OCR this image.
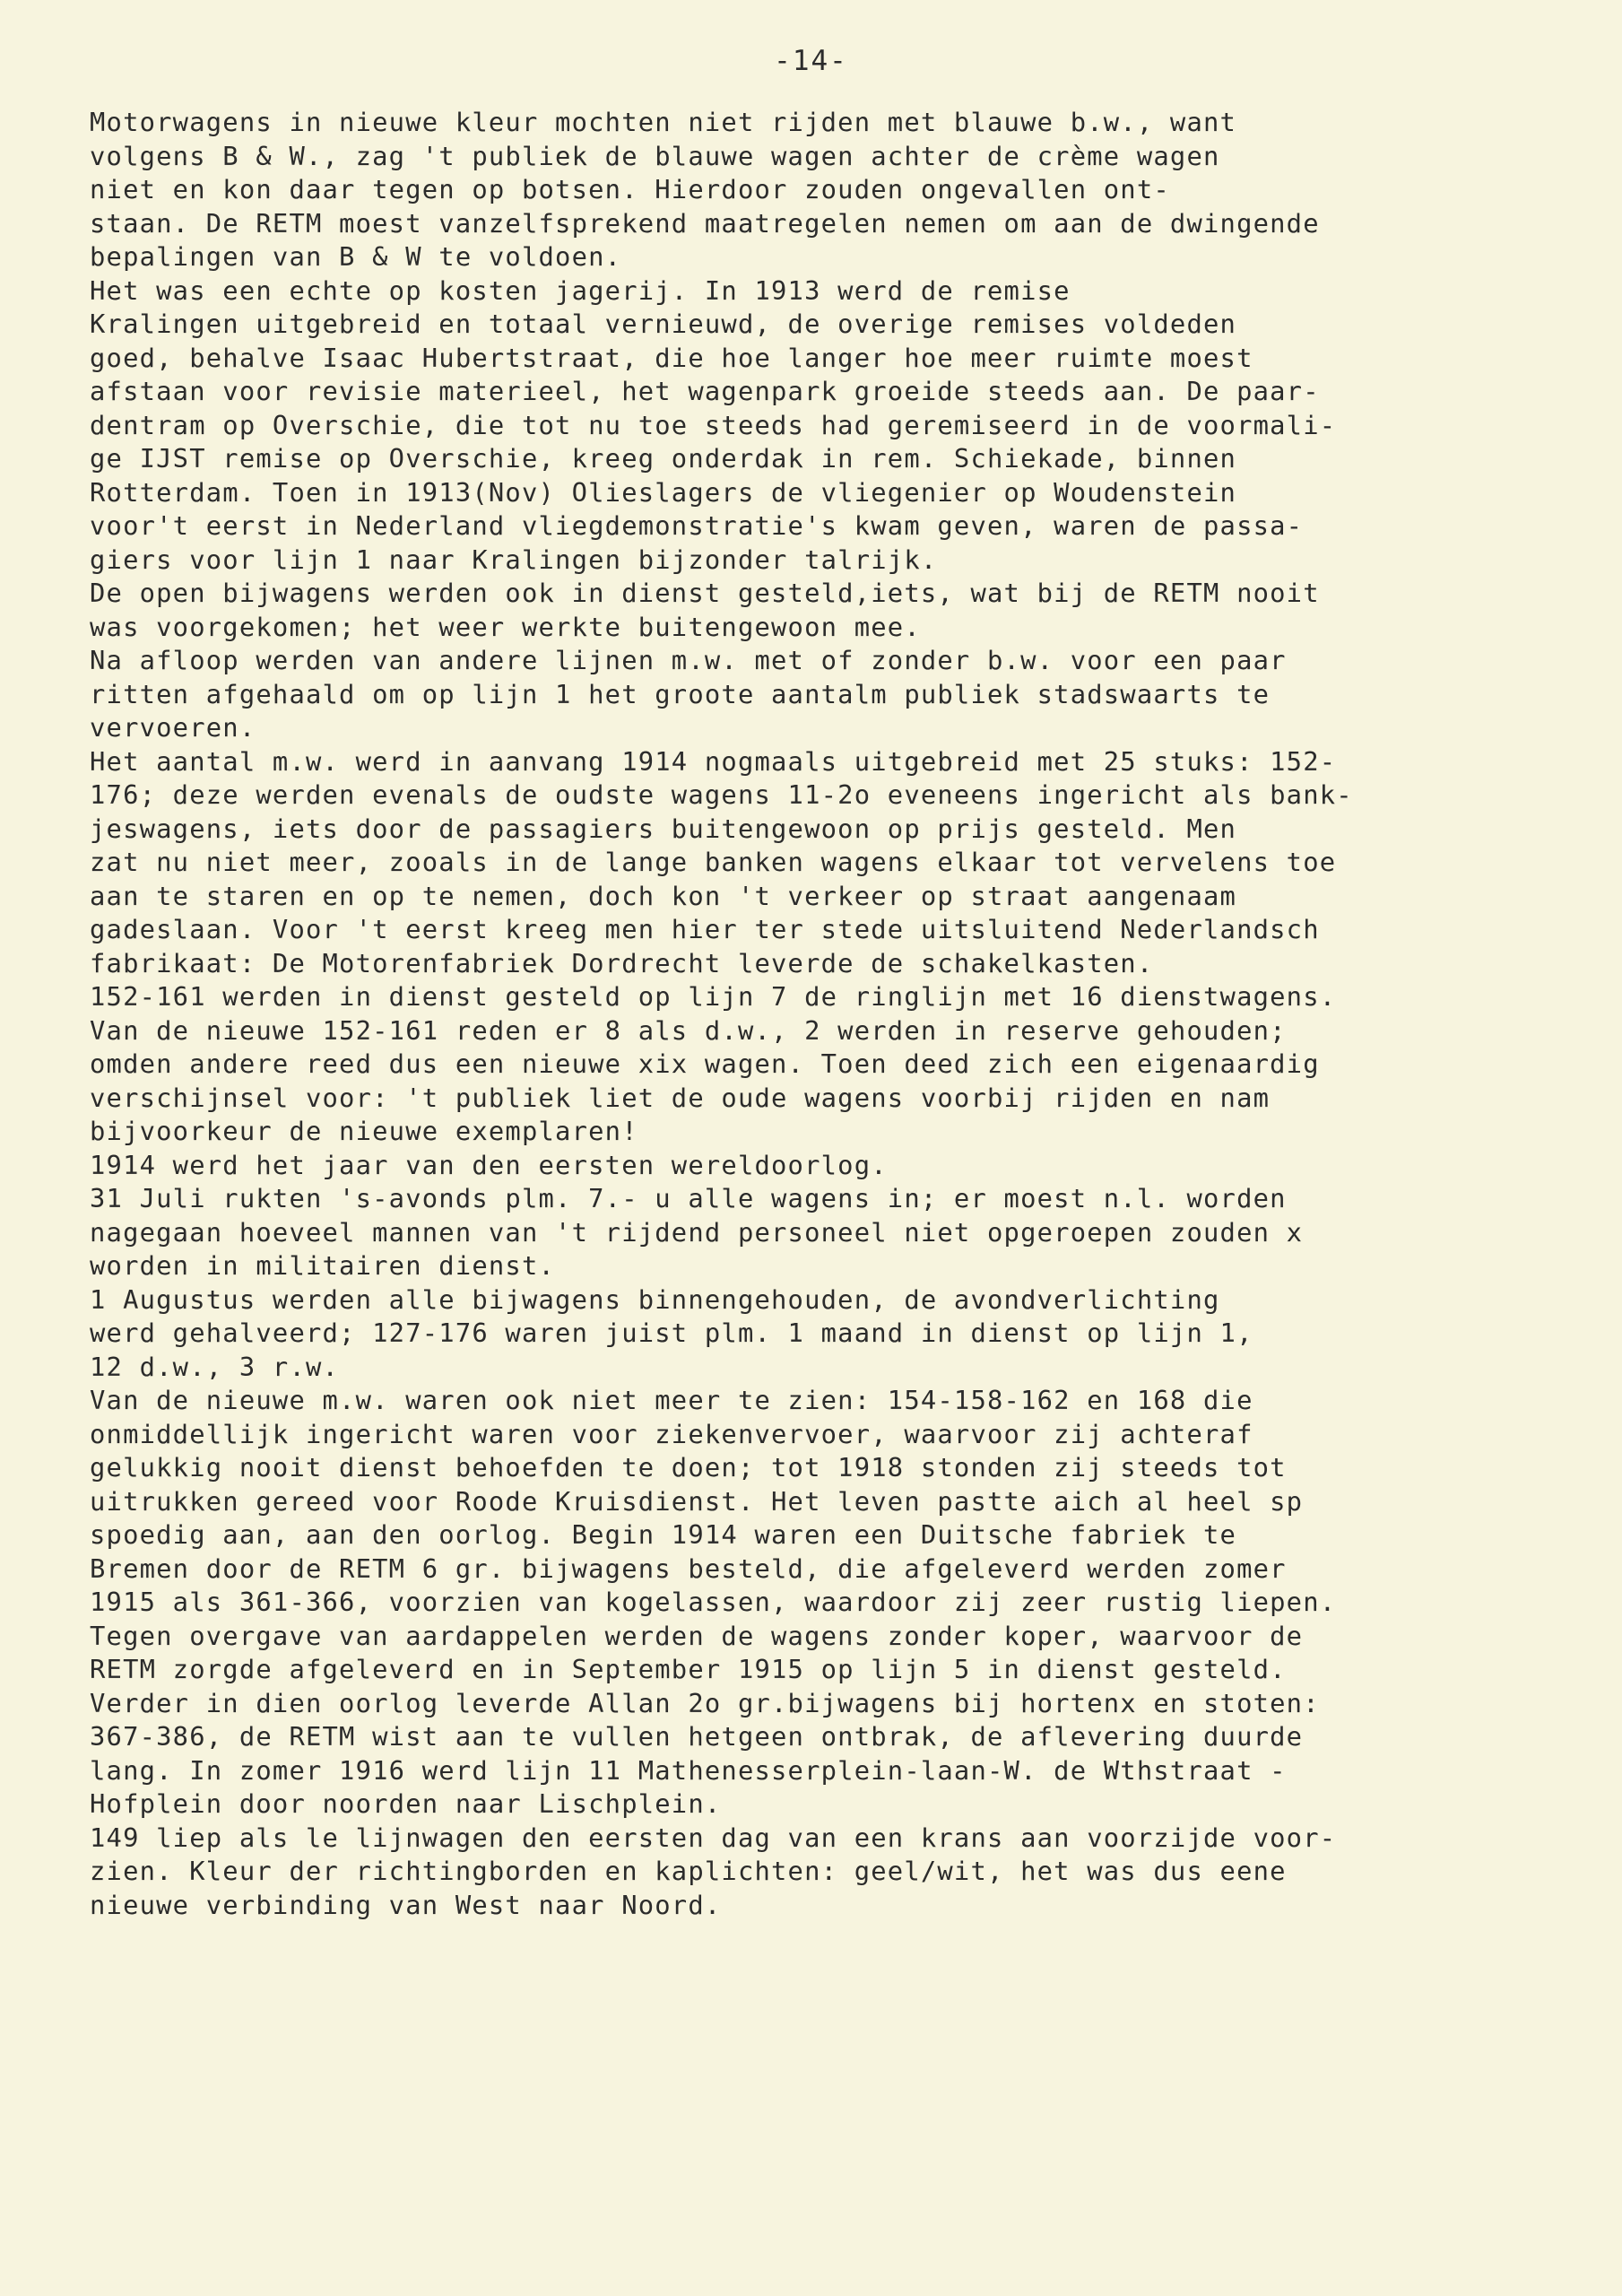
-14-
Motorwagens in nieuwe kleur mochten niet rijden met blauwe b.w., want
volgens B & W., zag 't publiek de blauwe wagen achter de crème wagen
niet en kon daar tegen op botsen. Hierdoor zouden ongevallen ont-
staan. De RETM moest vanzelfsprekend maatregelen nemen om aan de dwingende
bepalingen van B & W te voldoen.
Het was een echte op kosten jagerij. In 1913 werd de remise
Kralingen uitgebreid en totaal vernieuwd, de overige remises voldeden
goed, behalve Isaac Hubertstraat, die hoe langer hoe meer ruimte moest
afstaan voor revisie materieel, het wagenpark groeide steeds aan. De paar-
dentram op Overschie, die tot nu toe steeds had geremiseerd in de voormali-
ge IJST remise op Overschie, kreeg onderdak in rem. Schiekade, binnen
Rotterdam. Toen in 1913(Nov) Olieslagers de vliegenier op Woudenstein
voor't eerst in Nederland vliegdemonstratie's kwam geven, waren de passa-
giers voor lijn 1 naar Kralingen bijzonder talrijk.
De open bijwagens werden ook in dienst gesteld,iets, wat bij de RETM nooit
was voorgekomen; het weer werkte buitengewoon mee.
Na afloop werden van andere lijnen m.w. met of zonder b.w. voor een paar
ritten afgehaald om op lijn 1 het groote aantalm publiek stadswaarts te
vervoeren.
Het aantal m.w. werd in aanvang 1914 nogmaals uitgebreid met 25 stuks: 152-
176; deze werden evenals de oudste wagens 11-2o eveneens ingericht als bank-
jeswagens, iets door de passagiers buitengewoon op prijs gesteld. Men
zat nu niet meer, zooals in de lange banken wagens elkaar tot vervelens toe
aan te staren en op te nemen, doch kon 't verkeer op straat aangenaam
gadeslaan. Voor 't eerst kreeg men hier ter stede uitsluitend Nederlandsch
fabrikaat: De Motorenfabriek Dordrecht leverde de schakelkasten.
152-161 werden in dienst gesteld op lijn 7 de ringlijn met 16 dienstwagens.
Van de nieuwe 152-161 reden er 8 als d.w., 2 werden in reserve gehouden;
omden andere reed dus een nieuwe xix wagen. Toen deed zich een eigenaardig
verschijnsel voor: 't publiek liet de oude wagens voorbij rijden en nam
bijvoorkeur de nieuwe exemplaren!
1914 werd het jaar van den eersten wereldoorlog.
31 Juli rukten 's-avonds plm. 7.- u alle wagens in; er moest n.l. worden
nagegaan hoeveel mannen van 't rijdend personeel niet opgeroepen zouden x
worden in militairen dienst.
1 Augustus werden alle bijwagens binnengehouden, de avondverlichting
werd gehalveerd; 127-176 waren juist plm. 1 maand in dienst op lijn 1,
12 d.w., 3 r.w.
Van de nieuwe m.w. waren ook niet meer te zien: 154-158-162 en 168 die
onmiddellijk ingericht waren voor ziekenvervoer, waarvoor zij achteraf
gelukkig nooit dienst behoefden te doen; tot 1918 stonden zij steeds tot
uitrukken gereed voor Roode Kruisdienst. Het leven pastte aich al heel sp
spoedig aan, aan den oorlog. Begin 1914 waren een Duitsche fabriek te
Bremen door de RETM 6 gr. bijwagens besteld, die afgeleverd werden zomer
1915 als 361-366, voorzien van kogelassen, waardoor zij zeer rustig liepen.
Tegen overgave van aardappelen werden de wagens zonder koper, waarvoor de
RETM zorgde afgeleverd en in September 1915 op lijn 5 in dienst gesteld.
Verder in dien oorlog leverde Allan 2o gr.bijwagens bij hortenx en stoten:
367-386, de RETM wist aan te vullen hetgeen ontbrak, de aflevering duurde
lang. In zomer 1916 werd lijn 11 Mathenesserplein-laan-W. de Wthstraat -
Hofplein door noorden naar Lischplein.
149 liep als le lijnwagen den eersten dag van een krans aan voorzijde voor-
zien. Kleur der richtingborden en kaplichten: geel/wit, het was dus eene
nieuwe verbinding van West naar Noord.
